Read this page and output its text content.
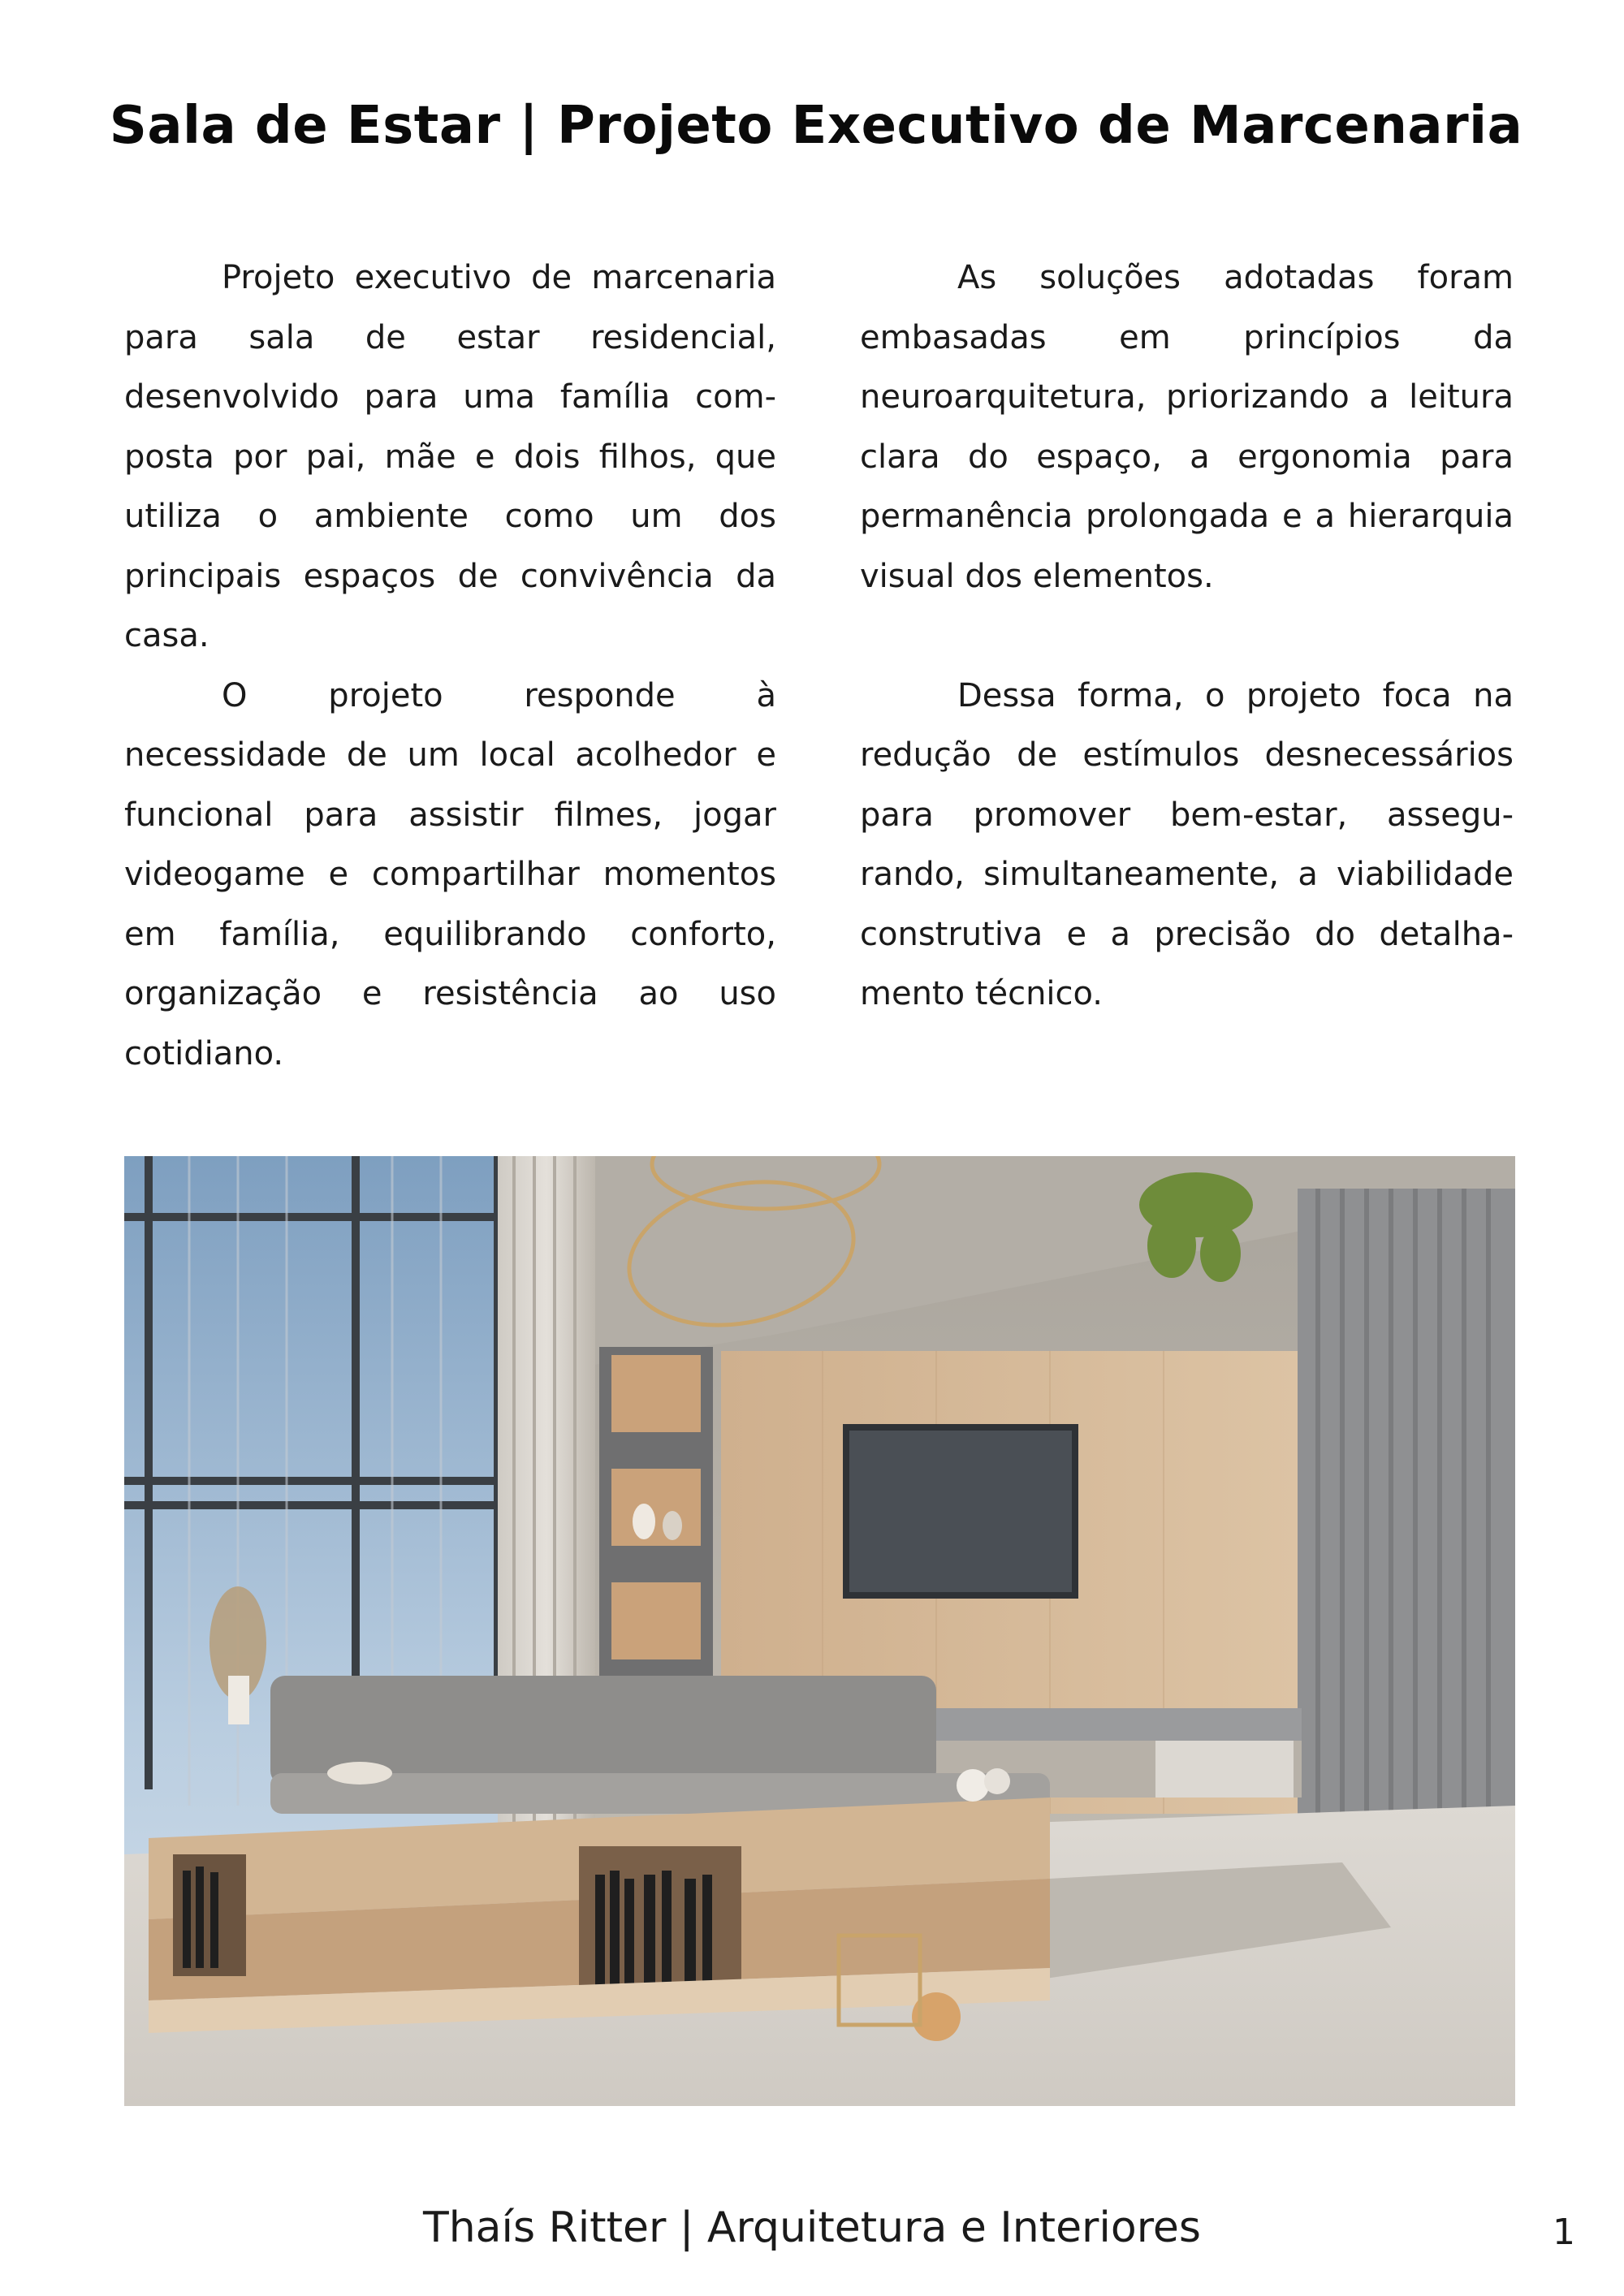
Sala de Estar | Projeto Executivo de Marcenaria

Projeto executivo de marcenaria para sala de estar residencial, desenvolvido para uma família composta por pai, mãe e dois filhos, que utiliza o ambiente como um dos principais espaços de convivência da casa.

O projeto responde à necessidade de um local acolhedor e funcional para assistir filmes, jogar videogame e compartilhar momentos em família, equilibrando conforto, organização e resistência ao uso cotidiano.

As soluções adotadas foram embasadas em princípios da neuroarquitetura, priorizando a leitura clara do espaço, a ergonomia para permanência prolongada e a hierarquia visual dos elementos.

Dessa forma, o projeto foca na redução de estímulos desnecessários para promover bem-estar, assegurando, simultaneamente, a viabilidade construtiva e a precisão do detalhamento técnico.

Thaís Ritter | Arquitetura e Interiores	1
